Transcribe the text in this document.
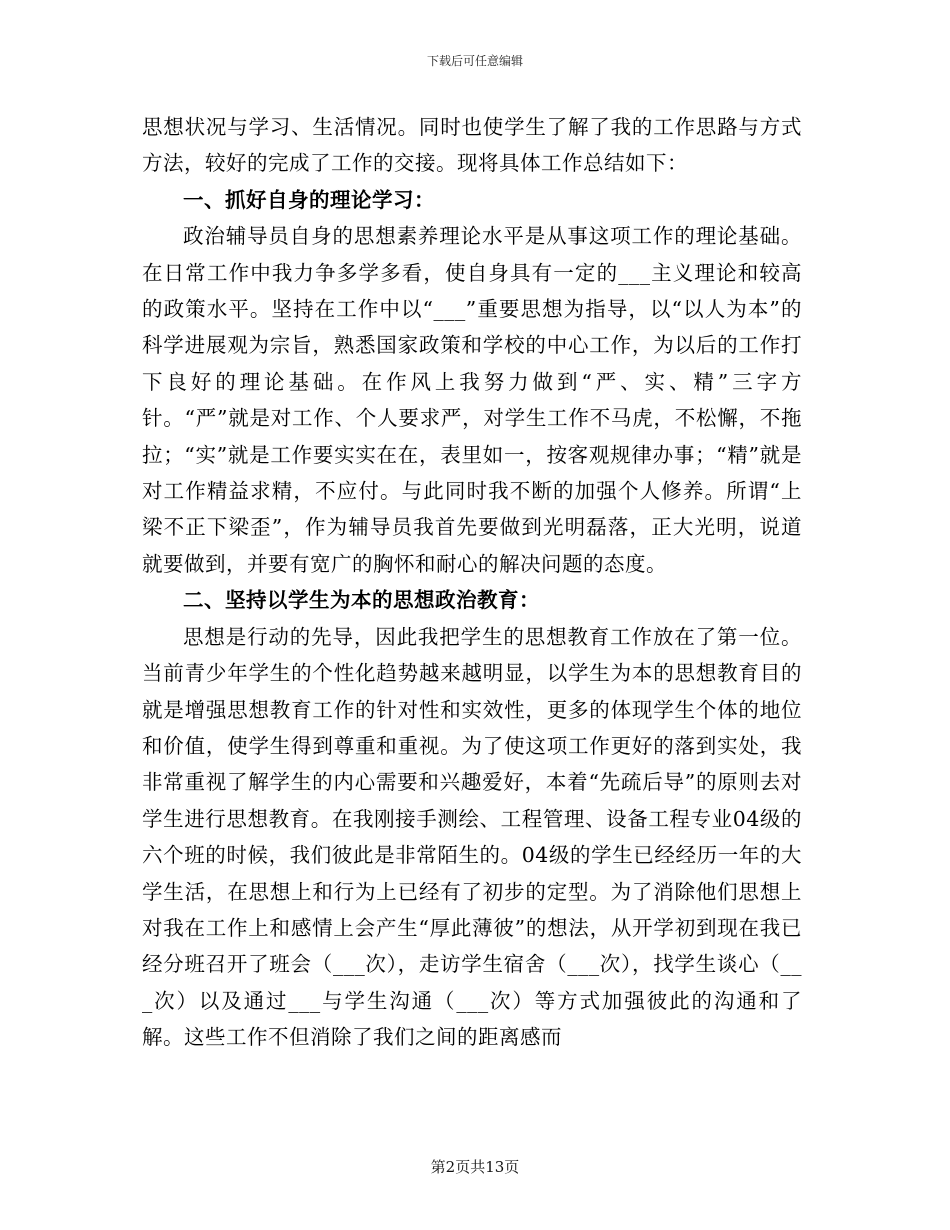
下载后可任意编辑

思想状况与学习、生活情况。同时也使学生了解了我的工作思路与方式方法，较好的完成了工作的交接。现将具体工作总结如下：

一、抓好自身的理论学习：

政治辅导员自身的思想素养理论水平是从事这项工作的理论基础。在日常工作中我力争多学多看，使自身具有一定的___主义理论和较高的政策水平。坚持在工作中以“___”重要思想为指导，以“以人为本”的科学进展观为宗旨，熟悉国家政策和学校的中心工作，为以后的工作打下良好的理论基础。在作风上我努力做到“严、实、精”三字方针。“严”就是对工作、个人要求严，对学生工作不马虎，不松懈，不拖拉；“实”就是工作要实实在在，表里如一，按客观规律办事；“精”就是对工作精益求精，不应付。与此同时我不断的加强个人修养。所谓“上梁不正下梁歪”，作为辅导员我首先要做到光明磊落，正大光明，说道就要做到，并要有宽广的胸怀和耐心的解决问题的态度。

二、坚持以学生为本的思想政治教育：

思想是行动的先导，因此我把学生的思想教育工作放在了第一位。当前青少年学生的个性化趋势越来越明显，以学生为本的思想教育目的就是增强思想教育工作的针对性和实效性，更多的体现学生个体的地位和价值，使学生得到尊重和重视。为了使这项工作更好的落到实处，我非常重视了解学生的内心需要和兴趣爱好，本着“先疏后导”的原则去对学生进行思想教育。在我刚接手测绘、工程管理、设备工程专业04级的六个班的时候，我们彼此是非常陌生的。04级的学生已经经历一年的大学生活，在思想上和行为上已经有了初步的定型。为了消除他们思想上对我在工作上和感情上会产生“厚此薄彼”的想法，从开学初到现在我已经分班召开了班会（___次），走访学生宿舍（___次），找学生谈心（___次）以及通过___与学生沟通（___次）等方式加强彼此的沟通和了解。这些工作不但消除了我们之间的距离感而

第2页共13页
